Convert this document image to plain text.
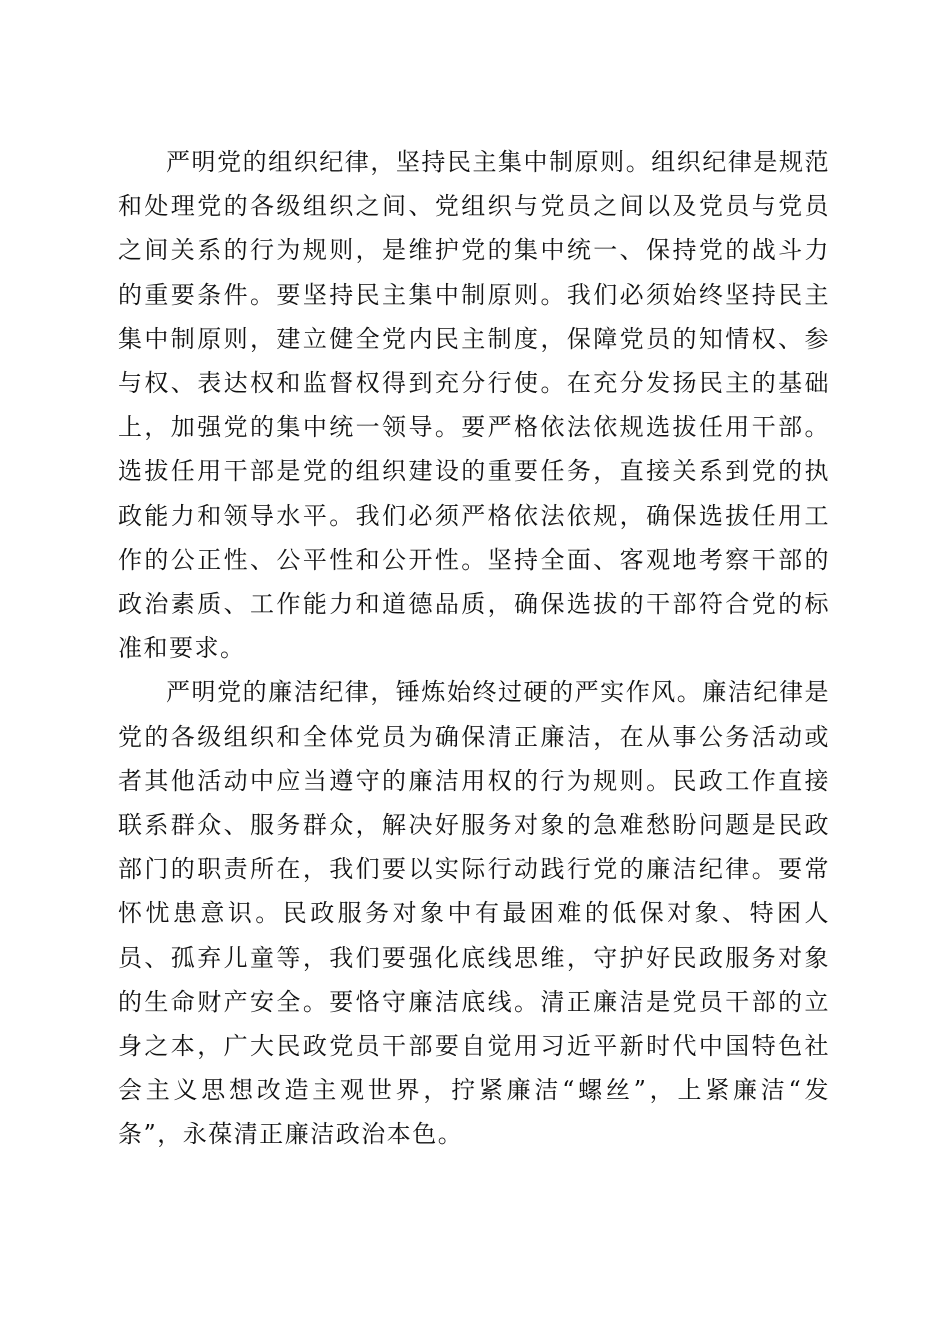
严明党的组织纪律，坚持民主集中制原则。组织纪律是规范和处理党的各级组织之间、党组织与党员之间以及党员与党员之间关系的行为规则，是维护党的集中统一、保持党的战斗力的重要条件。要坚持民主集中制原则。我们必须始终坚持民主集中制原则，建立健全党内民主制度，保障党员的知情权、参与权、表达权和监督权得到充分行使。在充分发扬民主的基础上，加强党的集中统一领导。要严格依法依规选拔任用干部。选拔任用干部是党的组织建设的重要任务，直接关系到党的执政能力和领导水平。我们必须严格依法依规，确保选拔任用工作的公正性、公平性和公开性。坚持全面、客观地考察干部的政治素质、工作能力和道德品质，确保选拔的干部符合党的标准和要求。

严明党的廉洁纪律，锤炼始终过硬的严实作风。廉洁纪律是党的各级组织和全体党员为确保清正廉洁，在从事公务活动或者其他活动中应当遵守的廉洁用权的行为规则。民政工作直接联系群众、服务群众，解决好服务对象的急难愁盼问题是民政部门的职责所在，我们要以实际行动践行党的廉洁纪律。要常怀忧患意识。民政服务对象中有最困难的低保对象、特困人员、孤弃儿童等，我们要强化底线思维，守护好民政服务对象的生命财产安全。要恪守廉洁底线。清正廉洁是党员干部的立身之本，广大民政党员干部要自觉用习近平新时代中国特色社会主义思想改造主观世界，拧紧廉洁“螺丝”，上紧廉洁“发条”，永葆清正廉洁政治本色。
